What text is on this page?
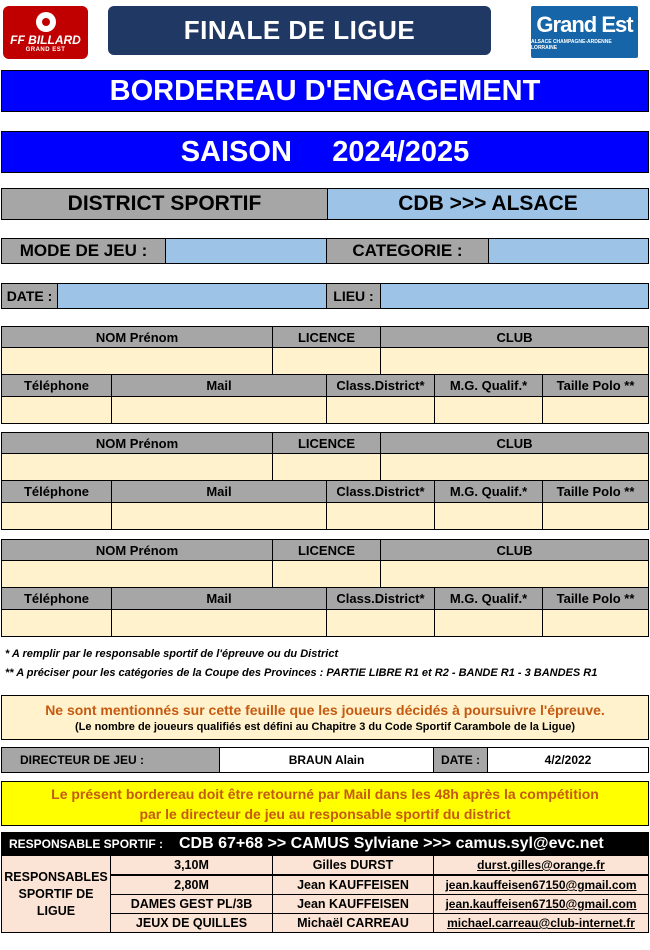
FF BILLARD
GRAND EST
FINALE DE LIGUE	Grand Est
ALSACE CHAMPAGNE-ARDENNE LORRAINE
BORDEREAU D'ENGAGEMENT
SAISON     2024/2025
DISTRICT SPORTIF	CDB >>> ALSACE
MODE DE JEU :	CATEGORIE :
DATE :	LIEU :
NOM Prénom	LICENCE	CLUB
Téléphone	Mail	Class.District*	M.G. Qualif.*	Taille Polo **
NOM Prénom	LICENCE	CLUB
Téléphone	Mail	Class.District*	M.G. Qualif.*	Taille Polo **
NOM Prénom	LICENCE	CLUB
Téléphone	Mail	Class.District*	M.G. Qualif.*	Taille Polo **
* A remplir par le responsable sportif de l'épreuve ou du District
** A préciser pour les catégories de la Coupe des Provinces : PARTIE LIBRE R1 et R2 - BANDE R1 - 3 BANDES R1
Ne sont mentionnés sur cette feuille que les joueurs décidés à poursuivre l'épreuve.
(Le nombre de joueurs qualifiés est défini au Chapitre 3 du Code Sportif Carambole de la Ligue)
DIRECTEUR DE JEU :	BRAUN Alain	DATE :	4/2/2022
Le présent bordereau doit être retourné par Mail dans les 48h après la compétition
par le directeur de jeu au responsable sportif du district
RESPONSABLE SPORTIF : CDB 67+68 >> CAMUS Sylviane >>> camus.syl@evc.net
RESPONSABLES
SPORTIF DE
LIGUE
3,10M	Gilles DURST	durst.gilles@orange.fr
2,80M	Jean KAUFFEISEN	jean.kauffeisen67150@gmail.com
DAMES GEST PL/3B	Jean KAUFFEISEN	jean.kauffeisen67150@gmail.com
JEUX DE QUILLES	Michaël CARREAU	michael.carreau@club-internet.fr
